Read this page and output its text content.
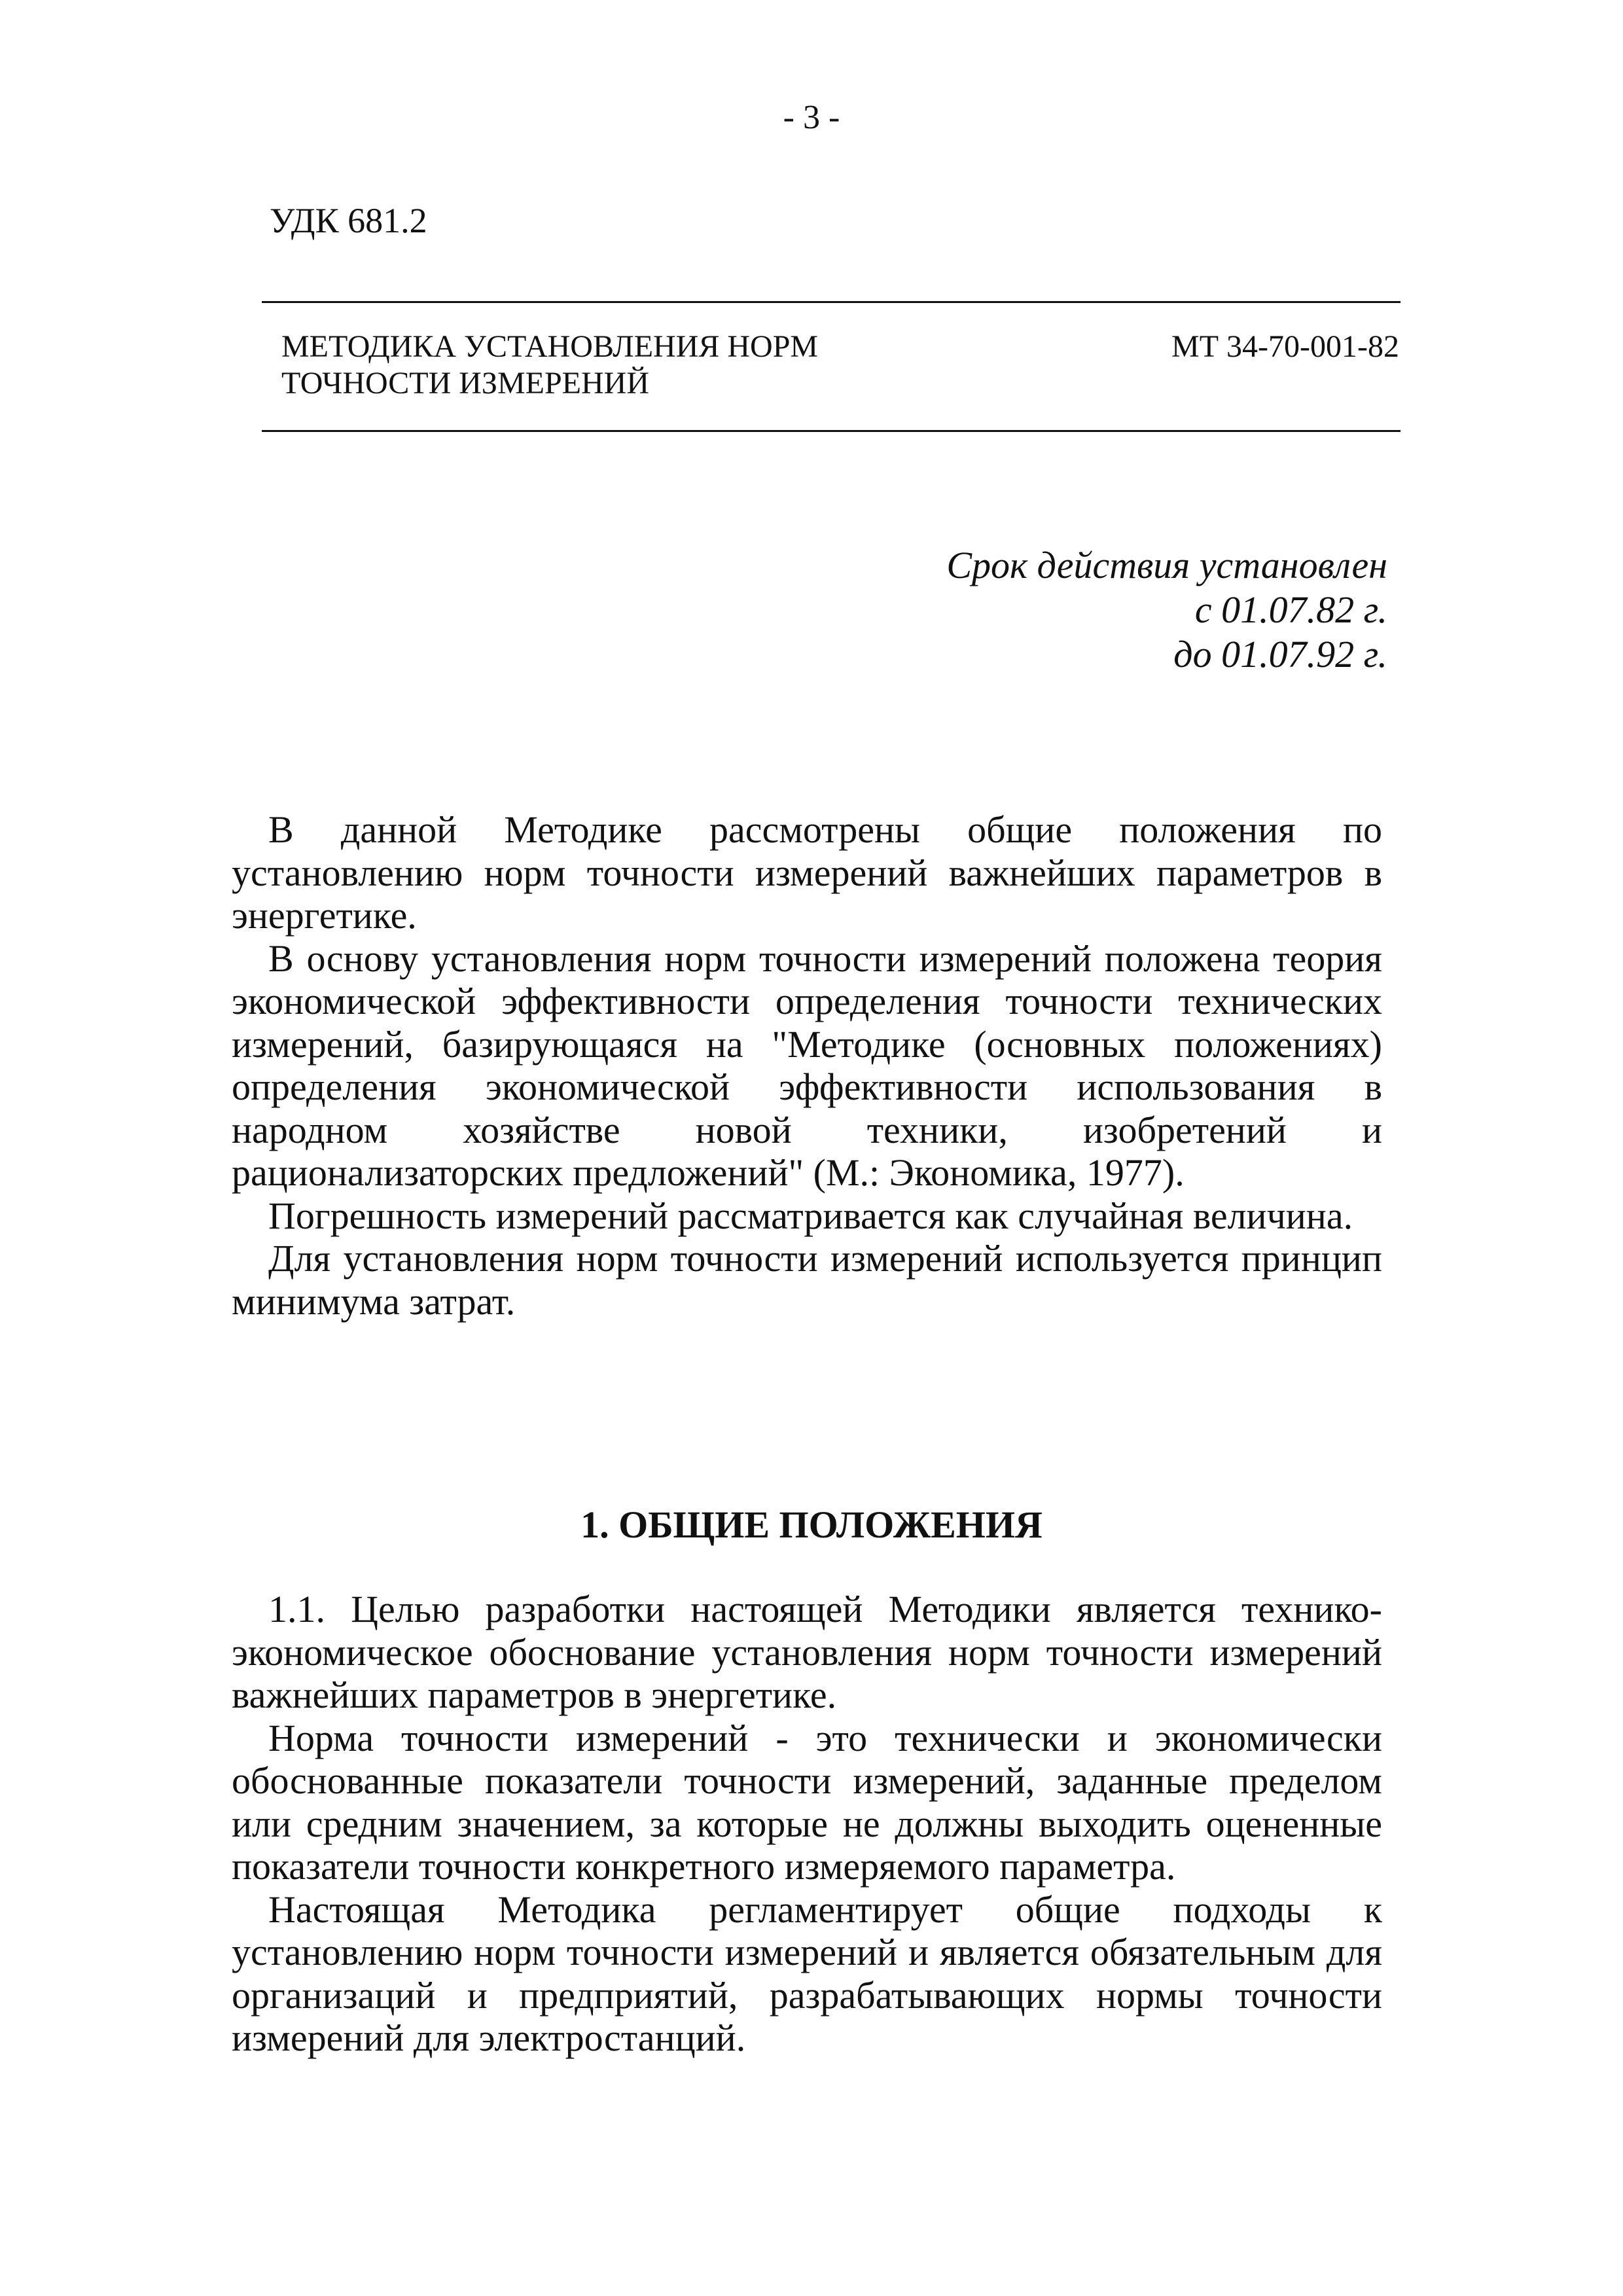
- 3 -
УДК 681.2
МЕТОДИКА УСТАНОВЛЕНИЯ НОРМ
ТОЧНОСТИ ИЗМЕРЕНИЙ
МТ 34-70-001-82
Срок действия установлен
с 01.07.82 г.
до 01.07.92 г.

В данной Методике рассмотрены общие положения по установлению норм точности измерений важнейших параметров в энергетике.

В основу установления норм точности измерений положена теория экономической эффективности определения точности технических измерений, базирующаяся на "Методике (основных положениях) определения экономической эффективности использования в народном хозяйстве новой техники, изобретений и рационализаторских предложений" (М.: Экономика, 1977).

Погрешность измерений рассматривается как случайная величина.

Для установления норм точности измерений используется принцип минимума затрат.

1. ОБЩИЕ ПОЛОЖЕНИЯ

1.1. Целью разработки настоящей Методики является технико-экономическое обоснование установления норм точности измерений важнейших параметров в энергетике.

Норма точности измерений - это технически и экономически обоснованные показатели точности измерений, заданные пределом или средним значением, за которые не должны выходить оцененные показатели точности конкретного измеряемого параметра.

Настоящая Методика регламентирует общие подходы к установлению норм точности измерений и является обязательным для организаций и предприятий, разрабатывающих нормы точности измерений для электростанций.
